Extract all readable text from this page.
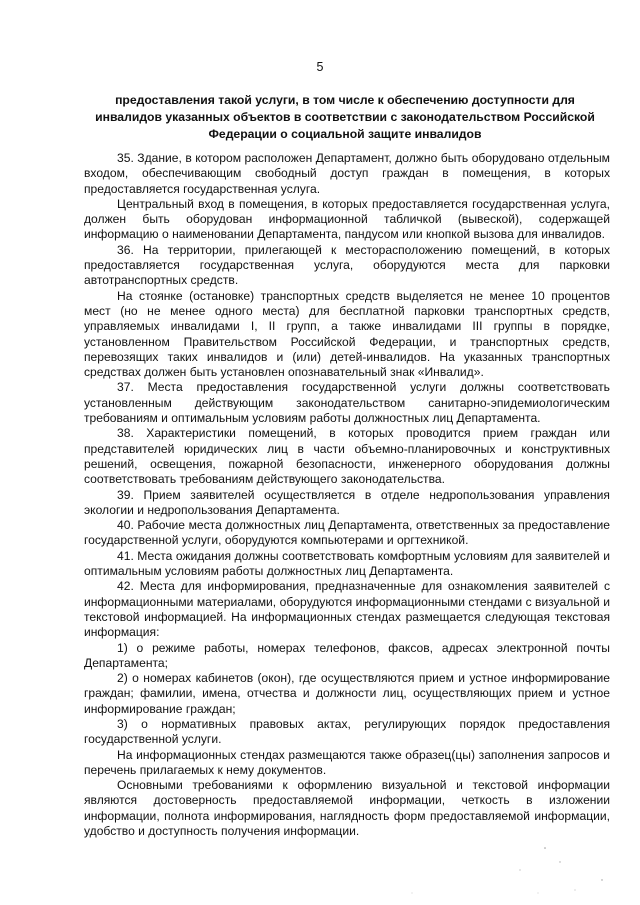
5
предоставления такой услуги, в том числе к обеспечению доступности для инвалидов указанных объектов в соответствии с законодательством Российской Федерации о социальной защите инвалидов

35. Здание, в котором расположен Департамент, должно быть оборудовано отдельным входом, обеспечивающим свободный доступ граждан в помещения, в которых предоставляется государственная услуга.

Центральный вход в помещения, в которых предоставляется государственная услуга, должен быть оборудован информационной табличкой (вывеской), содержащей информацию о наименовании Департамента, пандусом или кнопкой вызова для инвалидов.

36. На территории, прилегающей к месторасположению помещений, в которых предоставляется государственная услуга, оборудуются места для парковки автотранспортных средств.

На стоянке (остановке) транспортных средств выделяется не менее 10 процентов мест (но не менее одного места) для бесплатной парковки транспортных средств, управляемых инвалидами I, II групп, а также инвалидами III группы в порядке, установленном Правительством Российской Федерации, и транспортных средств, перевозящих таких инвалидов и (или) детей-инвалидов. На указанных транспортных средствах должен быть установлен опознавательный знак «Инвалид».

37. Места предоставления государственной услуги должны соответствовать установленным действующим законодательством санитарно-эпидемиологическим требованиям и оптимальным условиям работы должностных лиц Департамента.

38. Характеристики помещений, в которых проводится прием граждан или представителей юридических лиц в части объемно-планировочных и конструктивных решений, освещения, пожарной безопасности, инженерного оборудования должны соответствовать требованиям действующего законодательства.

39. Прием заявителей осуществляется в отделе недропользования управления экологии и недропользования Департамента.

40. Рабочие места должностных лиц Департамента, ответственных за предоставление государственной услуги, оборудуются компьютерами и оргтехникой.

41. Места ожидания должны соответствовать комфортным условиям для заявителей и оптимальным условиям работы должностных лиц Департамента.

42. Места для информирования, предназначенные для ознакомления заявителей с информационными материалами, оборудуются информационными стендами с визуальной и текстовой информацией. На информационных стендах размещается следующая текстовая информация:

1) о режиме работы, номерах телефонов, факсов, адресах электронной почты Департамента;

2) о номерах кабинетов (окон), где осуществляются прием и устное информирование граждан; фамилии, имена, отчества и должности лиц, осуществляющих прием и устное информирование граждан;

3) о нормативных правовых актах, регулирующих порядок предоставления государственной услуги.

На информационных стендах размещаются также образец(цы) заполнения запросов и перечень прилагаемых к нему документов.

Основными требованиями к оформлению визуальной и текстовой информации являются достоверность предоставляемой информации, четкость в изложении информации, полнота информирования, наглядность форм предоставляемой информации, удобство и доступность получения информации.
